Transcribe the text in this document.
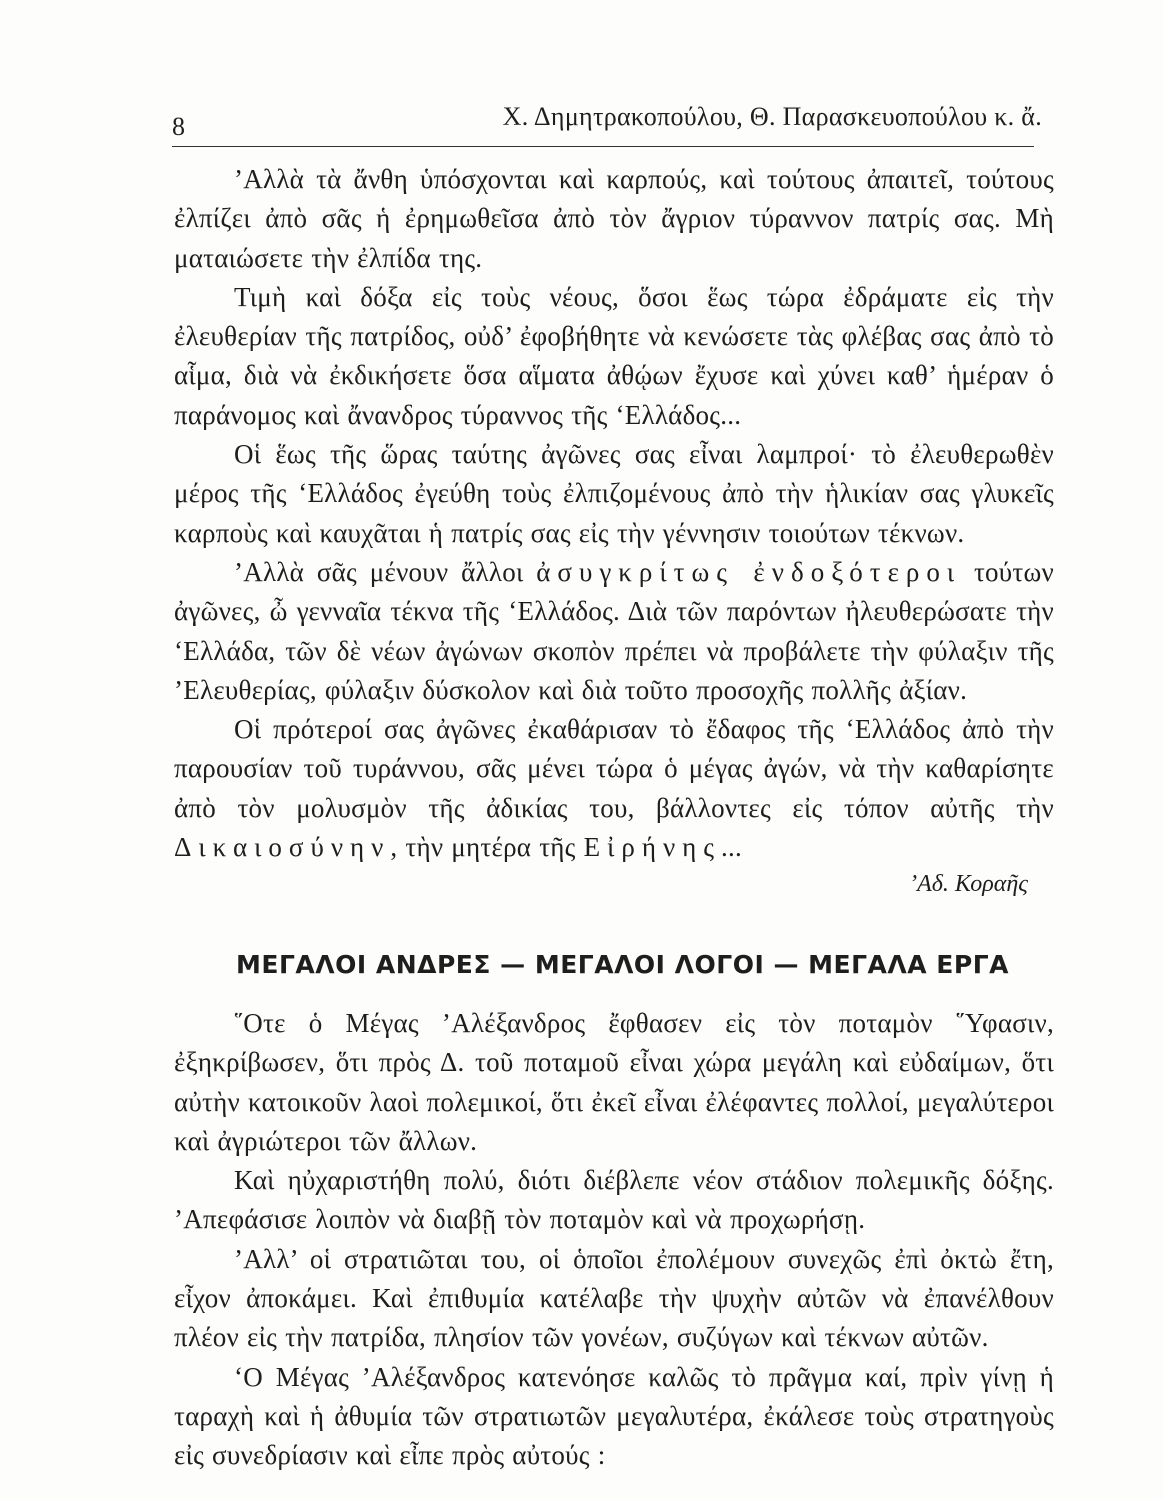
8	Χ. Δημητρακοπούλου, Θ. Παρασκευοπούλου κ. ἄ.

’Αλλὰ τὰ ἄνθη ὑπόσχονται καὶ καρπούς, καὶ τούτους ἀπαιτεῖ, τούτους ἐλπίζει ἀπὸ σᾶς ἡ ἐρημωθεῖσα ἀπὸ τὸν ἄγριον τύραννον πατρίς σας. Μὴ ματαιώσετε τὴν ἐλπίδα της.

Τιμὴ καὶ δόξα εἰς τοὺς νέους, ὅσοι ἕως τώρα ἐδράματε εἰς τὴν ἐλευθερίαν τῆς πατρίδος, οὐδ’ ἐφοβήθητε νὰ κενώσετε τὰς φλέβας σας ἀπὸ τὸ αἷμα, διὰ νὰ ἐκδικήσετε ὅσα αἵματα ἀθῴων ἔχυσε καὶ χύνει καθ’ ἡμέραν ὁ παράνομος καὶ ἄνανδρος τύραννος τῆς ‘Ελλάδος...

Οἱ ἕως τῆς ὥρας ταύτης ἀγῶνες σας εἶναι λαμπροί· τὸ ἐλευθερωθὲν μέρος τῆς ‘Ελλάδος ἐγεύθη τοὺς ἐλπιζομένους ἀπὸ τὴν ἡλικίαν σας γλυκεῖς καρποὺς καὶ καυχᾶται ἡ πατρίς σας εἰς τὴν γέννησιν τοιούτων τέκνων.

’Αλλὰ σᾶς μένουν ἄλλοι ἀσυγκρίτως ἐνδοξότεροι τούτων ἀγῶνες, ὦ γενναῖα τέκνα τῆς ‘Ελλάδος. Διὰ τῶν παρόντων ἠλευθερώσατε τὴν ‘Ελλάδα, τῶν δὲ νέων ἀγώνων σκοπὸν πρέπει νὰ προβάλετε τὴν φύλαξιν τῆς ’Ελευθερίας, φύλαξιν δύσκολον καὶ διὰ τοῦτο προσοχῆς πολλῆς ἀξίαν.

Οἱ πρότεροί σας ἀγῶνες ἐκαθάρισαν τὸ ἔδαφος τῆς ‘Ελλάδος ἀπὸ τὴν παρουσίαν τοῦ τυράννου, σᾶς μένει τώρα ὁ μέγας ἀγών, νὰ τὴν καθαρίσητε ἀπὸ τὸν μολυσμὸν τῆς ἀδικίας του, βάλλοντες εἰς τόπον αὐτῆς τὴν Δικαιοσύνην, τὴν μητέρα τῆς Εἰρήνης...

’Αδ. Κοραῆς

ΜΕΓΑΛΟΙ ΑΝΔΡΕΣ — ΜΕΓΑΛΟΙ ΛΟΓΟΙ — ΜΕΓΑΛΑ ΕΡΓΑ

῞Οτε ὁ Μέγας ’Αλέξανδρος ἔφθασεν εἰς τὸν ποταμὸν ῞Υφασιν, ἐξηκρίβωσεν, ὅτι πρὸς Δ. τοῦ ποταμοῦ εἶναι χώρα μεγάλη καὶ εὐδαίμων, ὅτι αὐτὴν κατοικοῦν λαοὶ πολεμικοί, ὅτι ἐκεῖ εἶναι ἐλέφαντες πολλοί, μεγαλύτεροι καὶ ἀγριώτεροι τῶν ἄλλων.

Καὶ ηὐχαριστήθη πολύ, διότι διέβλεπε νέον στάδιον πολεμικῆς δόξης. ’Απεφάσισε λοιπὸν νὰ διαβῇ τὸν ποταμὸν καὶ νὰ προχωρήσῃ.

’Αλλ’ οἱ στρατιῶται του, οἱ ὁποῖοι ἐπολέμουν συνεχῶς ἐπὶ ὀκτὼ ἔτη, εἶχον ἀποκάμει. Καὶ ἐπιθυμία κατέλαβε τὴν ψυχὴν αὐτῶν νὰ ἐπανέλθουν πλέον εἰς τὴν πατρίδα, πλησίον τῶν γονέων, συζύγων καὶ τέκνων αὐτῶν.

‘Ο Μέγας ’Αλέξανδρος κατενόησε καλῶς τὸ πρᾶγμα καί, πρὶν γίνῃ ἡ ταραχὴ καὶ ἡ ἀθυμία τῶν στρατιωτῶν μεγαλυτέρα, ἐκάλεσε τοὺς στρατηγοὺς εἰς συνεδρίασιν καὶ εἶπε πρὸς αὐτούς :
